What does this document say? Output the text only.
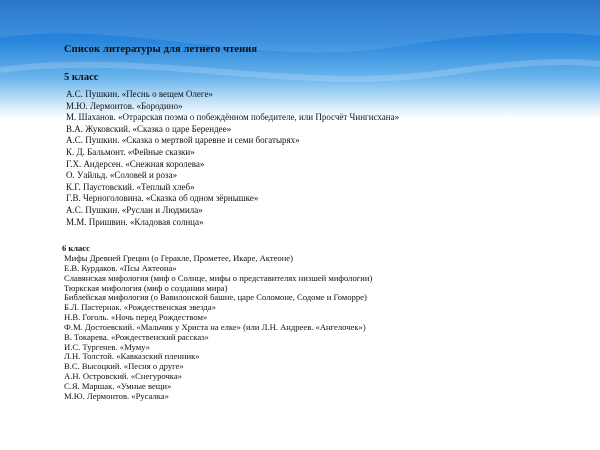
Список литературы для летнего чтения
5 класс
А.С. Пушкин. «Песнь о вещем Олеге»
М.Ю. Лермонтов. «Бородино»
М. Шаханов. «Отрарская поэма о побеждённом победителе, или Просчёт Чингисхана»
В.А. Жуковский. «Сказка о царе Берендее»
А.С. Пушкин. «Сказка о мертвой царевне и семи богатырях»
К. Д. Бальмонт. «Фейные сказки»
Г.Х. Андерсен. «Снежная королева»
О. Уайльд. «Соловей и роза»
К.Г. Паустовский. «Теплый хлеб»
Г.В. Черноголовина. «Сказка об одном зёрнышке»
А.С. Пушкин. «Руслан и Людмила»
М.М. Пришвин. «Кладовая солнца»
6 класс
Мифы Древней Греции (о Геракле, Прометее, Икаре, Актеоне)
Е.В. Курдаков. «Псы Актеона»
Славянская мифология (миф о Солнце, мифы о представителях низшей мифологии)
Тюркская мифология (миф о создании мира)
Библейская мифология (о Вавилонской башне, царе Соломоне, Содоме и Гоморре)
Б.Л. Пастернак. «Рождественская звезда»
Н.В. Гоголь. «Ночь перед Рождеством»
Ф.М. Достоевский. «Мальчик у Христа на елке» (или Л.Н. Андреев. «Ангелочек»)
В. Токарева. «Рождественский рассказ»
И.С. Тургенев. «Муму»
Л.Н. Толстой. «Кавказский пленник»
В.С. Высоцкий. «Песня о друге»
А.Н. Островский. «Снегурочка»
С.Я. Маршак. «Умные вещи»
М.Ю. Лермонтов. «Русалка»
